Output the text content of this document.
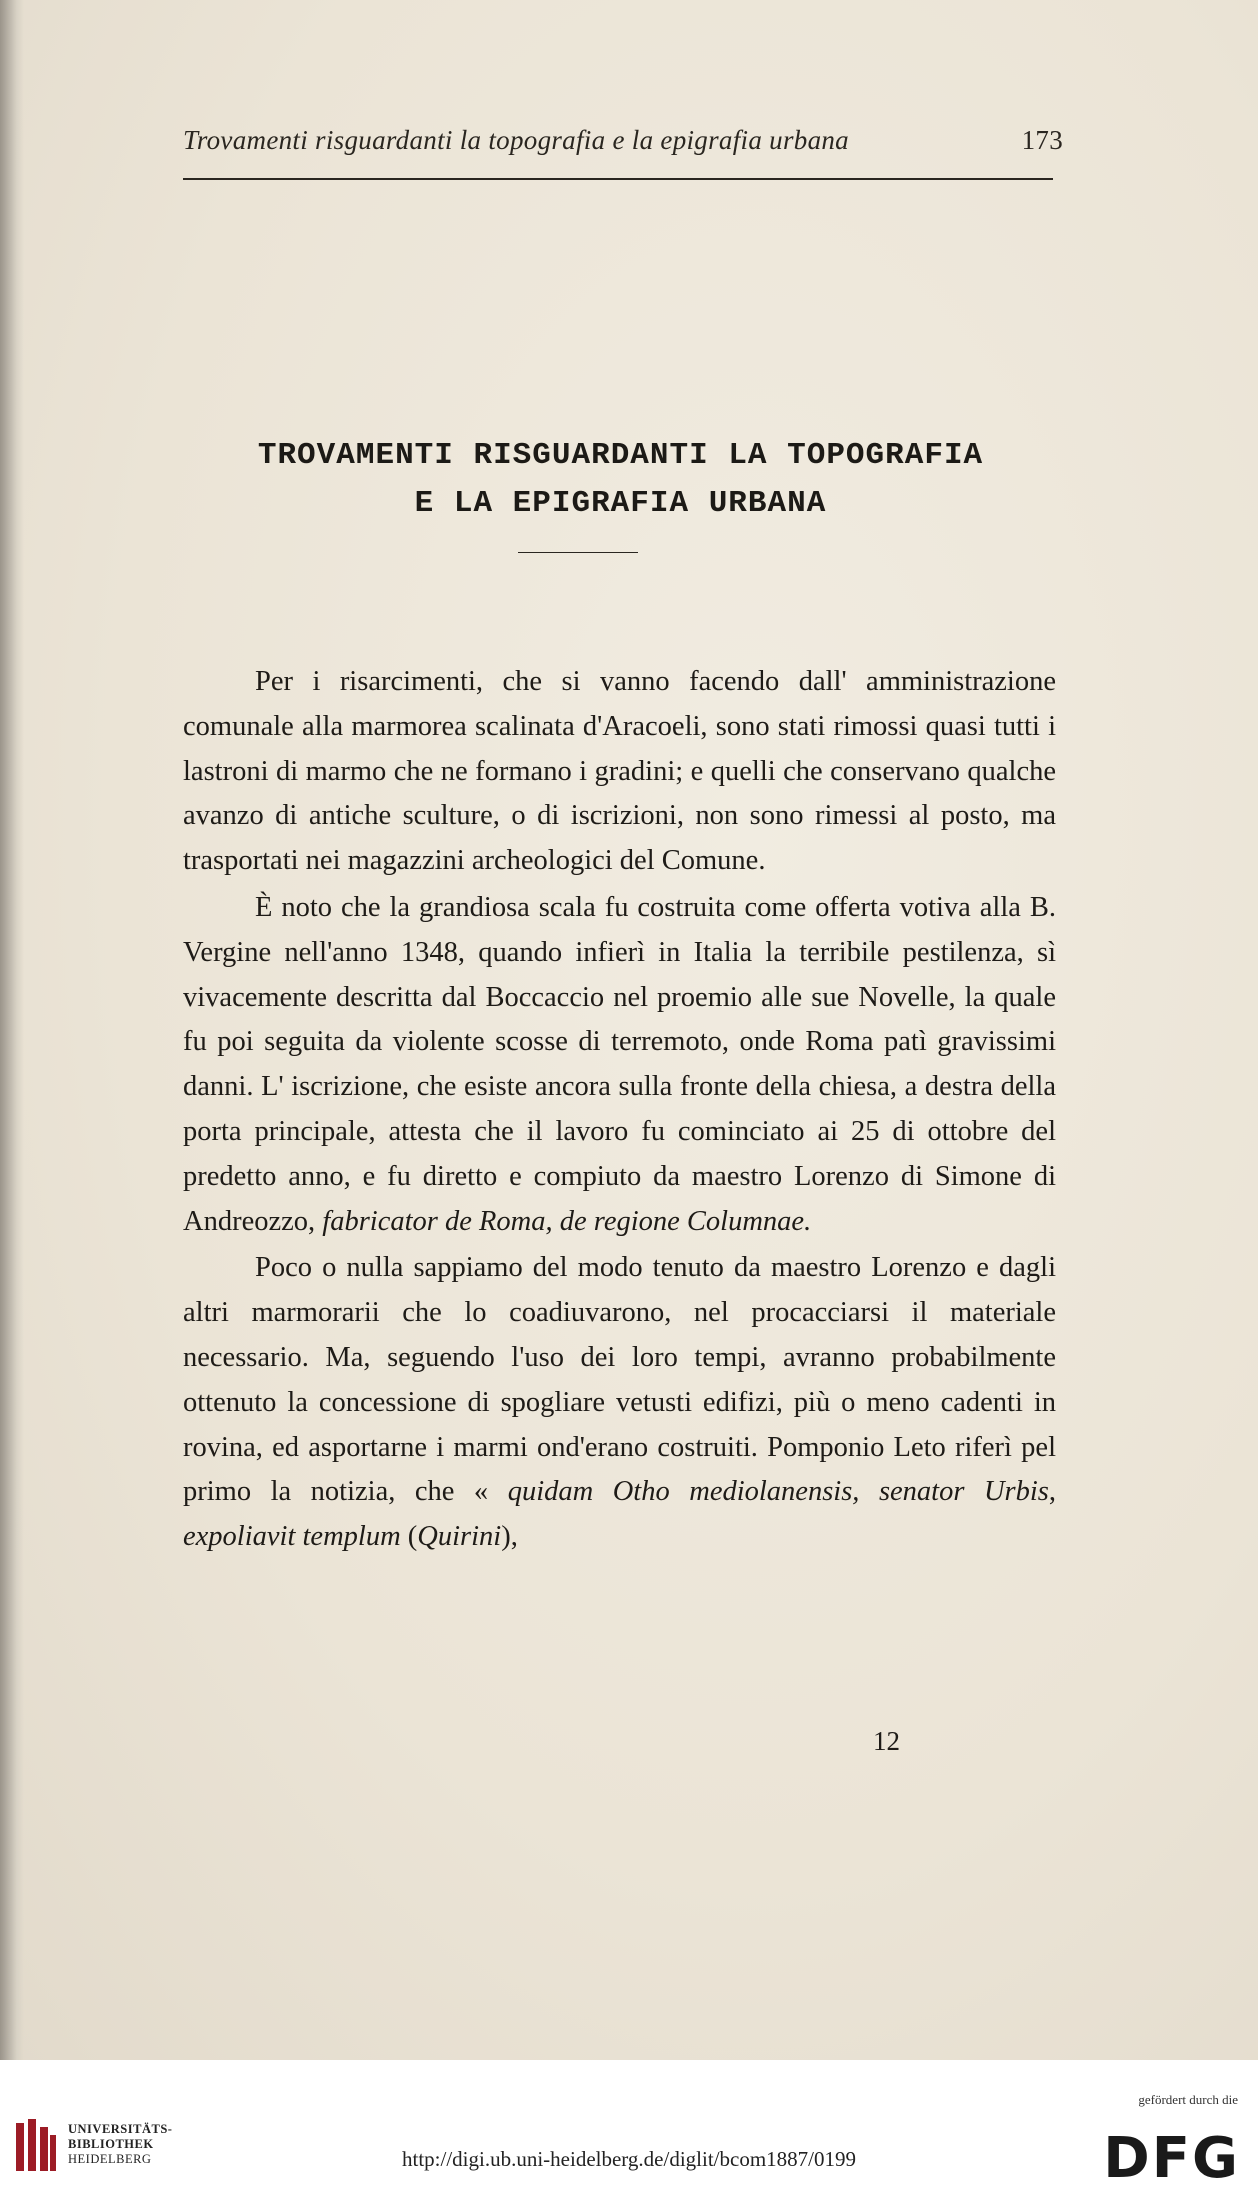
Trovamenti risguardanti la topografia e la epigrafia urbana	173
TROVAMENTI RISGUARDANTI LA TOPOGRAFIA
E LA EPIGRAFIA URBANA

Per i risarcimenti, che si vanno facendo dall' amministrazione comunale alla marmorea scalinata d'Aracoeli, sono stati rimossi quasi tutti i lastroni di marmo che ne formano i gradini; e quelli che conservano qualche avanzo di antiche sculture, o di iscrizioni, non sono rimessi al posto, ma trasportati nei magazzini archeologici del Comune.

È noto che la grandiosa scala fu costruita come offerta votiva alla B. Vergine nell'anno 1348, quando infierì in Italia la terribile pestilenza, sì vivacemente descritta dal Boccaccio nel proemio alle sue Novelle, la quale fu poi seguita da violente scosse di terremoto, onde Roma patì gravissimi danni. L' iscrizione, che esiste ancora sulla fronte della chiesa, a destra della porta principale, attesta che il lavoro fu cominciato ai 25 di ottobre del predetto anno, e fu diretto e compiuto da maestro Lorenzo di Simone di Andreozzo, fabricator de Roma, de regione Columnae.

Poco o nulla sappiamo del modo tenuto da maestro Lorenzo e dagli altri marmorarii che lo coadiuvarono, nel procacciarsi il materiale necessario. Ma, seguendo l'uso dei loro tempi, avranno probabilmente ottenuto la concessione di spogliare vetusti edifizi, più o meno cadenti in rovina, ed asportarne i marmi ond'erano costruiti. Pomponio Leto riferì pel primo la notizia, che « quidam Otho mediolanensis, senator Urbis, expoliavit templum (Quirini),

12
UNIVERSITÄTS-
BIBLIOTHEK
HEIDELBERG	http://digi.ub.uni-heidelberg.de/diglit/bcom1887/0199
gefördert durch die
DFG
